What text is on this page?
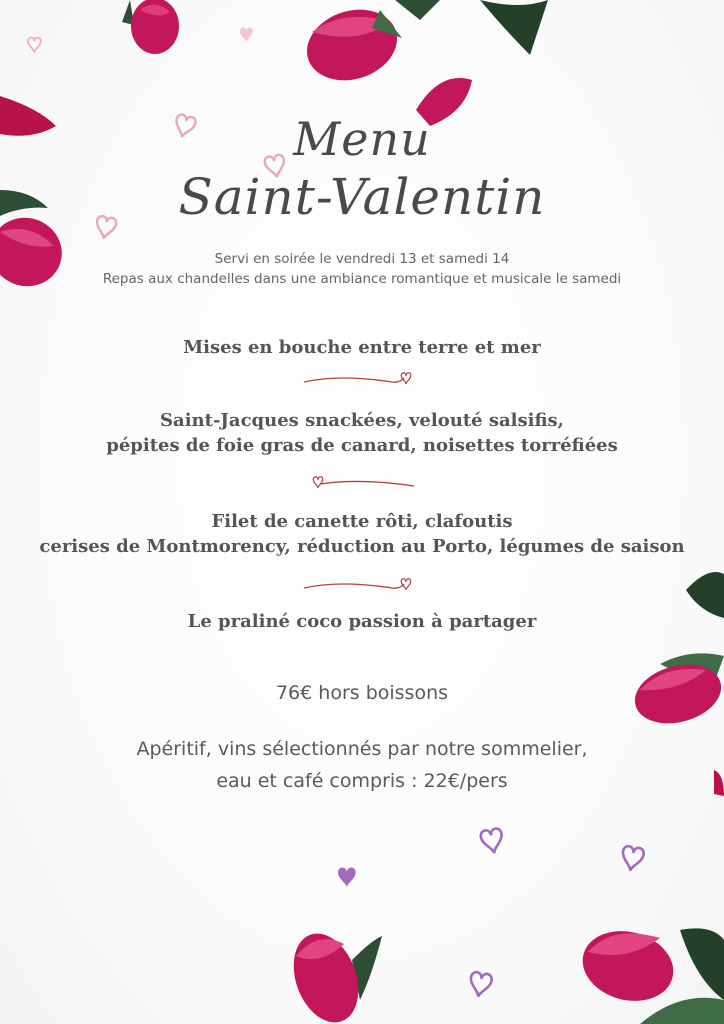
Menu
Saint-Valentin
Servi en soirée le vendredi 13 et samedi 14
Repas aux chandelles dans une ambiance romantique et musicale le samedi
Mises en bouche entre terre et mer
Saint-Jacques snackées, velouté salsifis,
pépites de foie gras de canard, noisettes torréfiées
Filet de canette rôti, clafoutis
cerises de Montmorency, réduction au Porto, légumes de saison
Le praliné coco passion à partager
76€ hors boissons
Apéritif, vins sélectionnés par notre sommelier,
eau et café compris : 22€/pers
